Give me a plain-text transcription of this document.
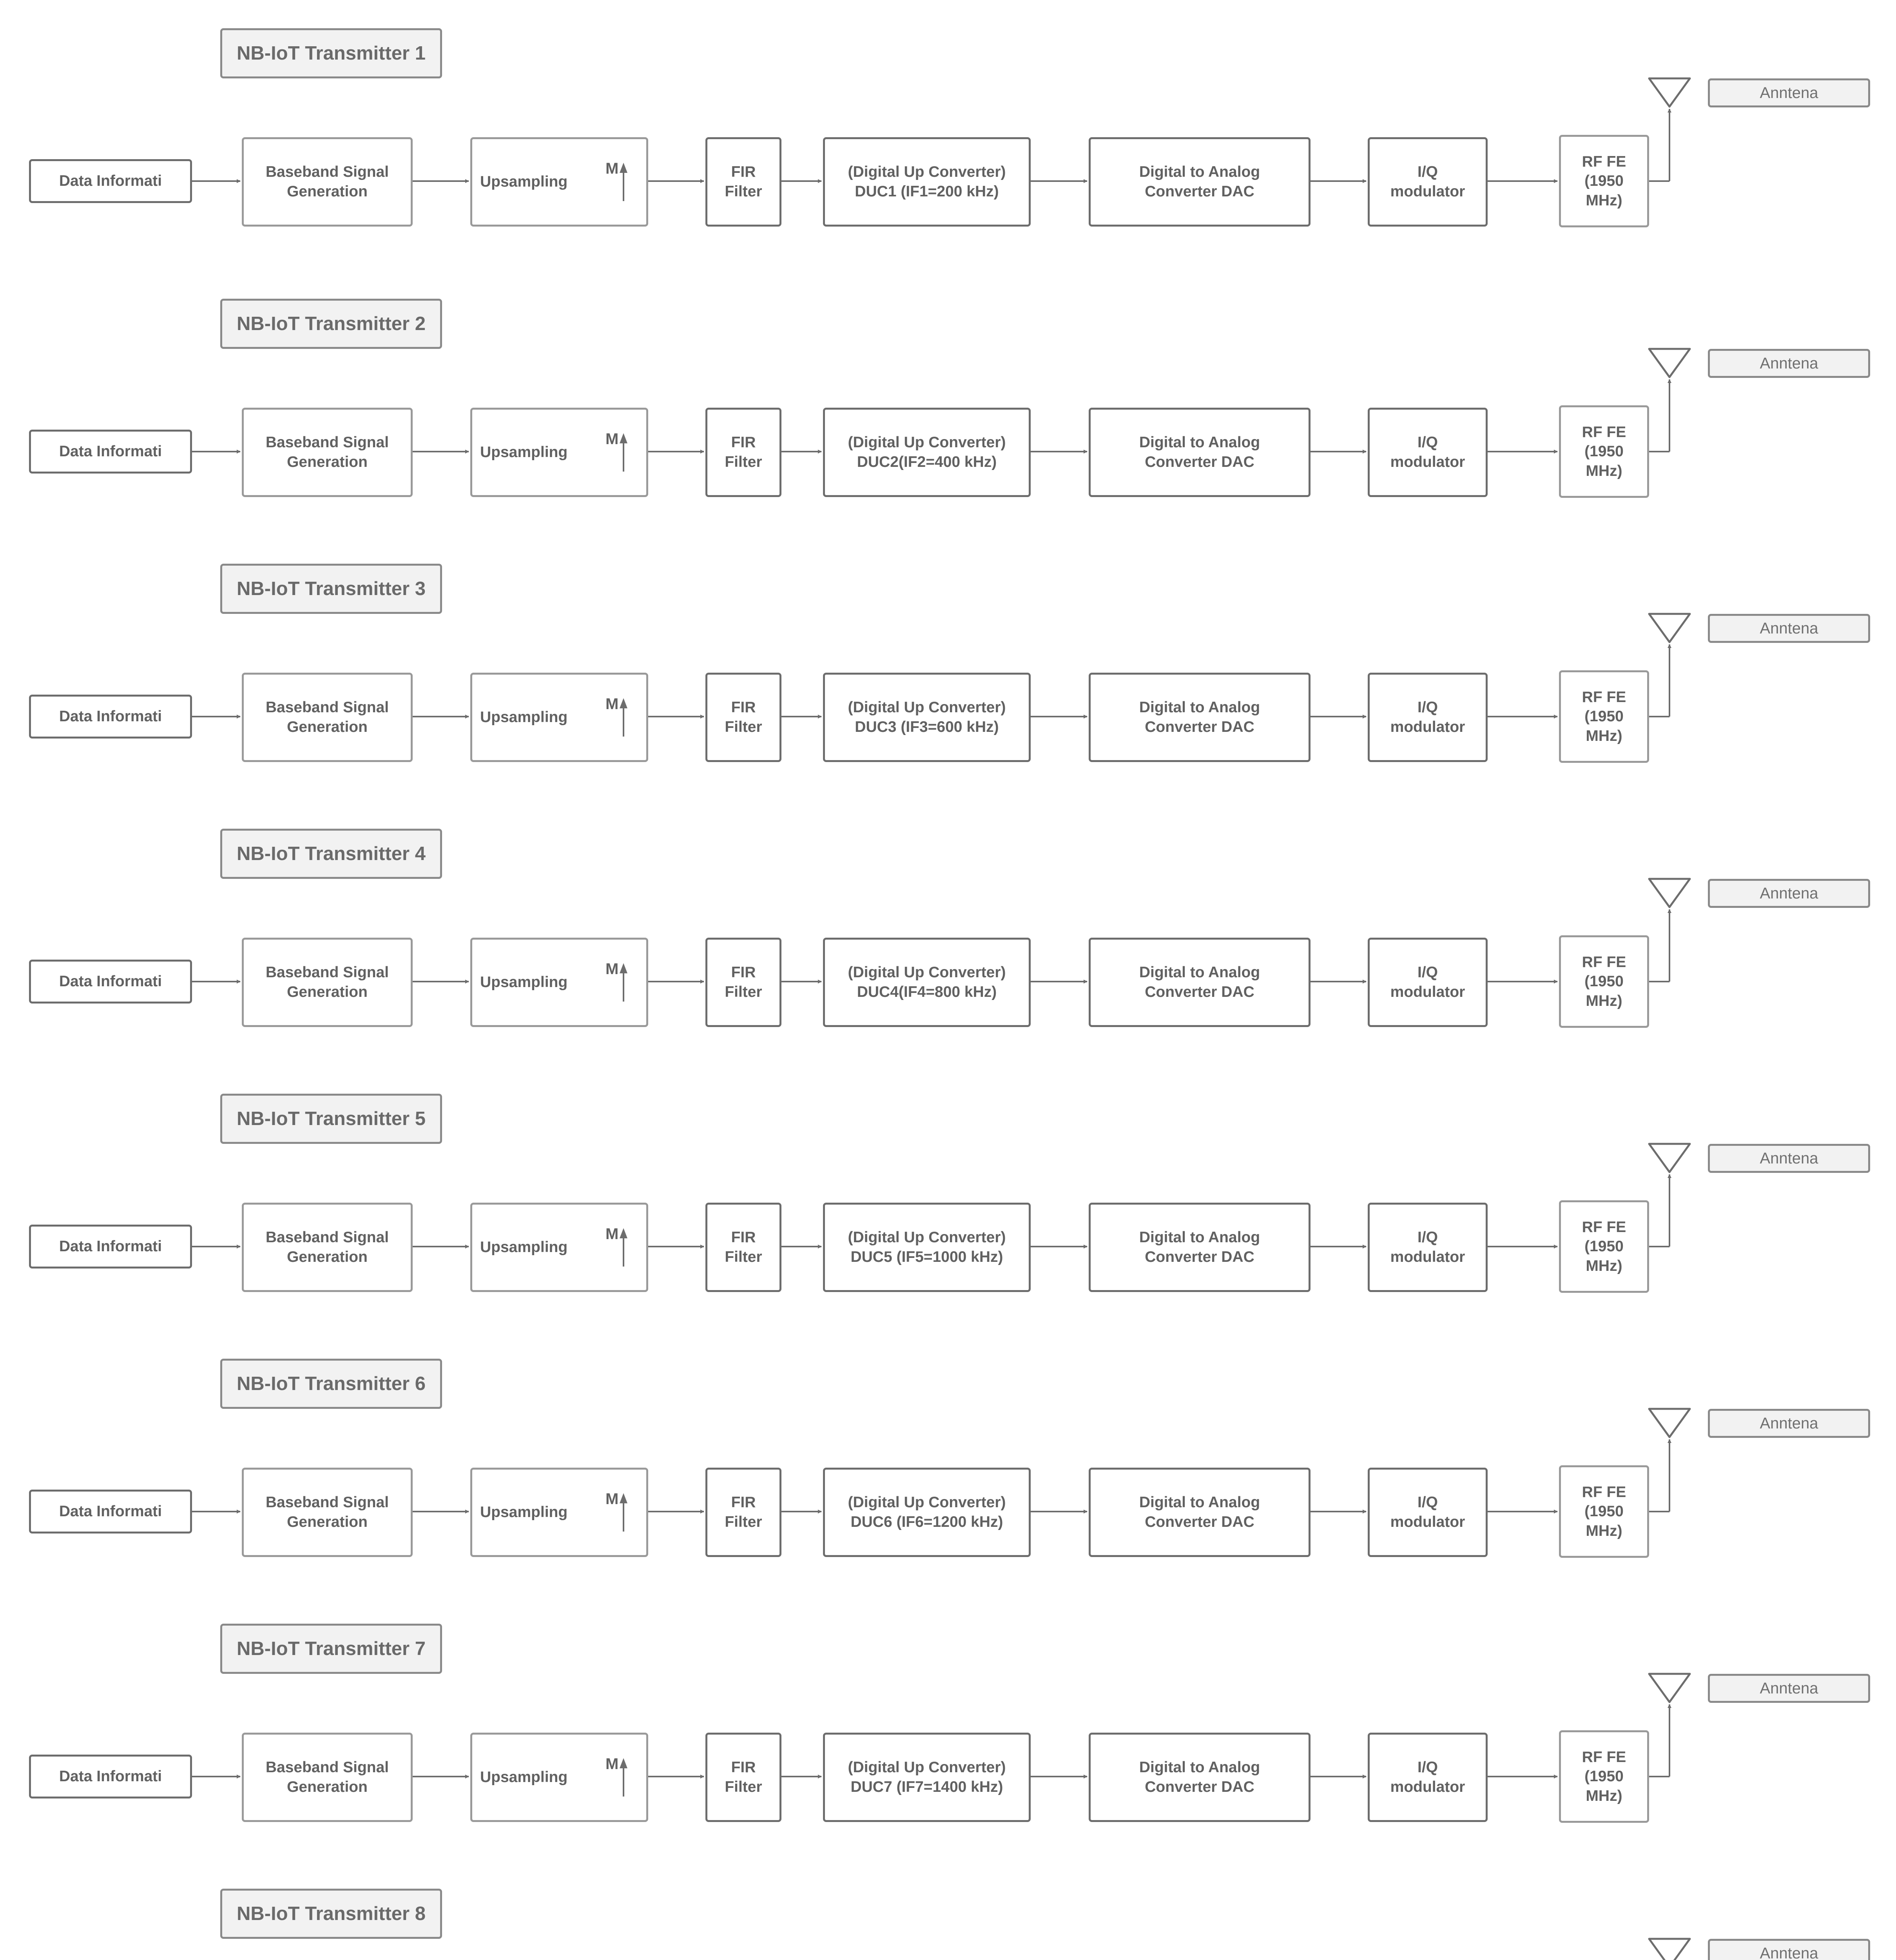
NB-IoT Transmitter 1
Data Informati
Baseband Signal
Generation
Upsampling
M	FIR
Filter
(Digital Up Converter)
DUC1 (IF1=200 kHz)
Digital to Analog
Converter DAC
I/Q
modulator
RF FE
(1950
MHz)
Anntena
NB-IoT Transmitter 2
Data Informati
Baseband Signal
Generation
Upsampling
M	FIR
Filter
(Digital Up Converter)
DUC2(IF2=400 kHz)
Digital to Analog
Converter DAC
I/Q
modulator
RF FE
(1950
MHz)
Anntena
NB-IoT Transmitter 3
Data Informati
Baseband Signal
Generation
Upsampling
M	FIR
Filter
(Digital Up Converter)
DUC3 (IF3=600 kHz)
Digital to Analog
Converter DAC
I/Q
modulator
RF FE
(1950
MHz)
Anntena
NB-IoT Transmitter 4
Data Informati
Baseband Signal
Generation
Upsampling
M	FIR
Filter
(Digital Up Converter)
DUC4(IF4=800 kHz)
Digital to Analog
Converter DAC
I/Q
modulator
RF FE
(1950
MHz)
Anntena
NB-IoT Transmitter 5
Data Informati
Baseband Signal
Generation
Upsampling
M	FIR
Filter
(Digital Up Converter)
DUC5 (IF5=1000 kHz)
Digital to Analog
Converter DAC
I/Q
modulator
RF FE
(1950
MHz)
Anntena
NB-IoT Transmitter 6
Data Informati
Baseband Signal
Generation
Upsampling
M	FIR
Filter
(Digital Up Converter)
DUC6 (IF6=1200 kHz)
Digital to Analog
Converter DAC
I/Q
modulator
RF FE
(1950
MHz)
Anntena
NB-IoT Transmitter 7
Data Informati
Baseband Signal
Generation
Upsampling
M	FIR
Filter
(Digital Up Converter)
DUC7 (IF7=1400 kHz)
Digital to Analog
Converter DAC
I/Q
modulator
RF FE
(1950
MHz)
Anntena
NB-IoT Transmitter 8
Anntena
